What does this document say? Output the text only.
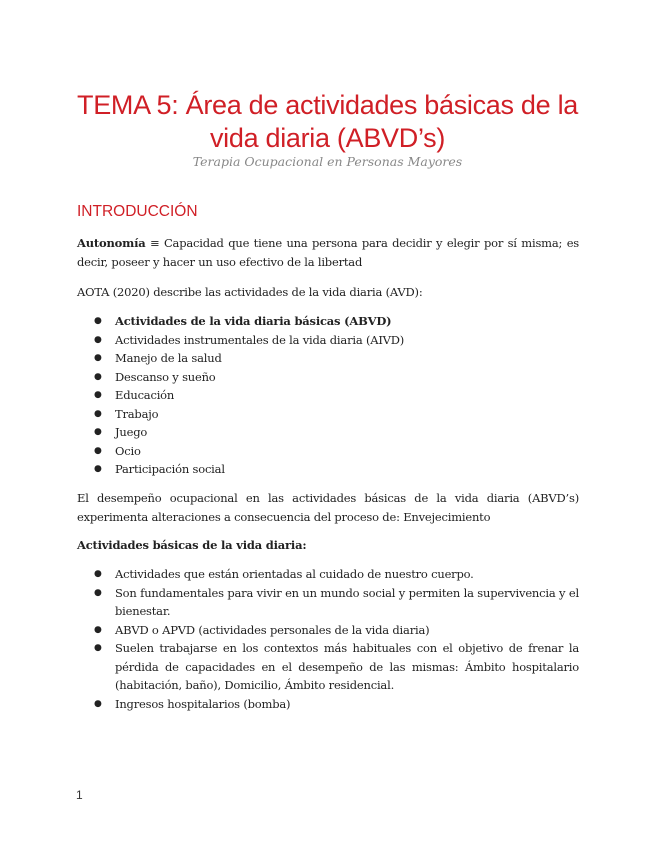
TEMA 5: Área de actividades básicas de la vida diaria (ABVD’s)

Terapia Ocupacional en Personas Mayores

INTRODUCCIÓN

Autonomía ≡ Capacidad que tiene una persona para decidir y elegir por sí misma; es decir, poseer y hacer un uso efectivo de la libertad

AOTA (2020) describe las actividades de la vida diaria (AVD):

● Actividades de la vida diaria básicas (ABVD)
● Actividades instrumentales de la vida diaria (AIVD)
● Manejo de la salud
● Descanso y sueño
● Educación
● Trabajo
● Juego
● Ocio
● Participación social

El desempeño ocupacional en las actividades básicas de la vida diaria (ABVD’s) experimenta alteraciones a consecuencia del proceso de: Envejecimiento

Actividades básicas de la vida diaria:

● Actividades que están orientadas al cuidado de nuestro cuerpo.
● Son fundamentales para vivir en un mundo social y permiten la supervivencia y el bienestar.
● ABVD o APVD (actividades personales de la vida diaria)
● Suelen trabajarse en los contextos más habituales con el objetivo de frenar la pérdida de capacidades en el desempeño de las mismas: Ámbito hospitalario (habitación, baño), Domicilio, Ámbito residencial.
● Ingresos hospitalarios (bomba)
1
